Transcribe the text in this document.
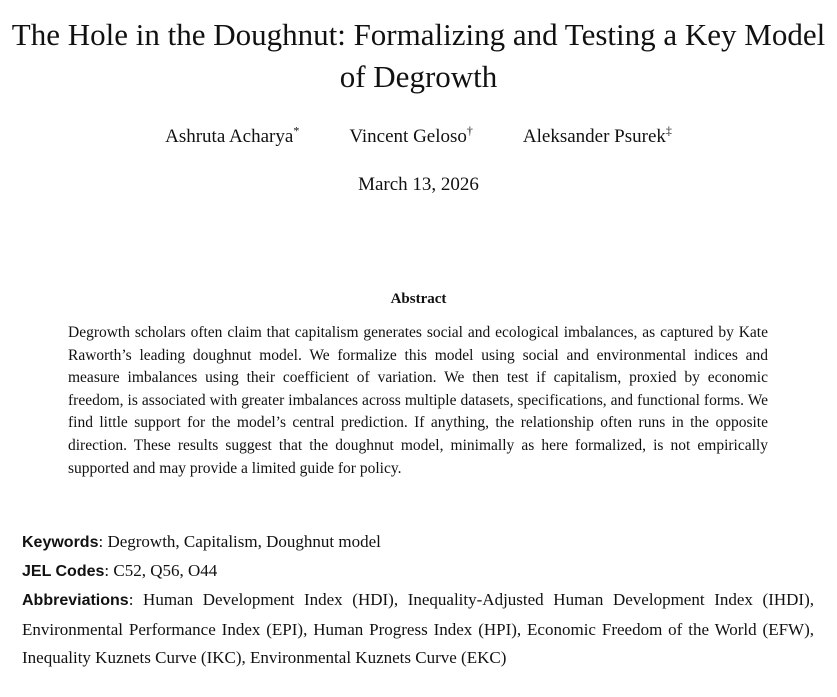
The Hole in the Doughnut: Formalizing and Testing a Key Model of Degrowth
Ashruta Acharya*	Vincent Geloso†	Aleksander Psurek‡
March 13, 2026
Abstract

Degrowth scholars often claim that capitalism generates social and ecological imbalances, as captured by Kate Raworth’s leading doughnut model. We formalize this model using social and environmental indices and measure imbalances using their coefficient of variation. We then test if capitalism, proxied by economic freedom, is associated with greater imbalances across multiple datasets, specifications, and functional forms. We find little support for the model’s central prediction. If anything, the relationship often runs in the opposite direction. These results suggest that the doughnut model, minimally as here formalized, is not empirically supported and may provide a limited guide for policy.

Keywords: Degrowth, Capitalism, Doughnut model

JEL Codes: C52, Q56, O44

Abbreviations: Human Development Index (HDI), Inequality-Adjusted Human Development Index (IHDI), Environmental Performance Index (EPI), Human Progress Index (HPI), Economic Freedom of the World (EFW), Inequality Kuznets Curve (IKC), Environmental Kuznets Curve (EKC)
